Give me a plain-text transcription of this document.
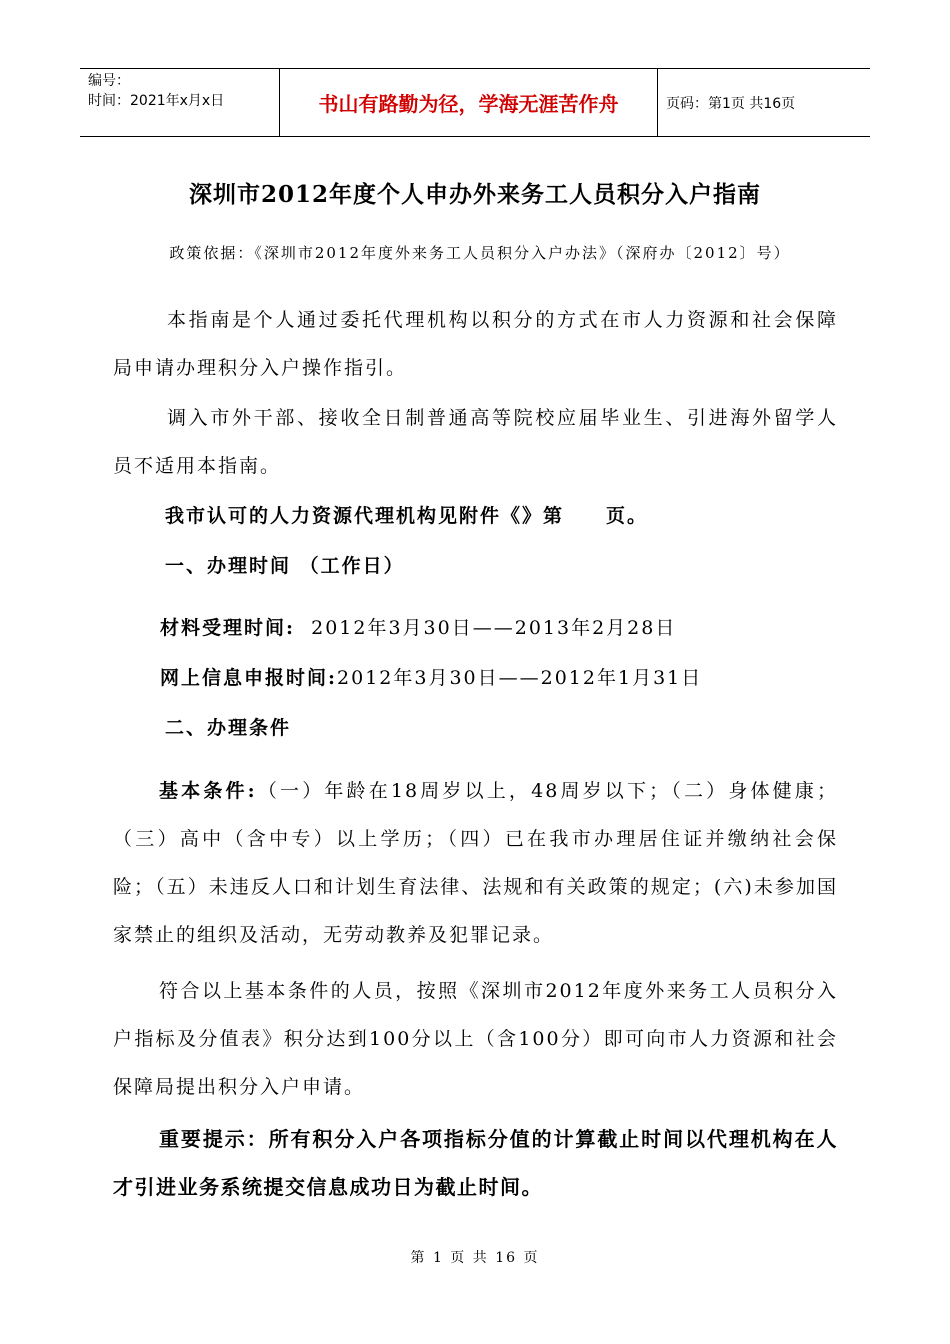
编号：
时间：2021年x月x日	书山有路勤为径，学海无涯苦作舟	页码：第1页 共16页
深圳市2012年度个人申办外来务工人员积分入户指南
政策依据：《深圳市2012年度外来务工人员积分入户办法》（深府办〔2012〕号）
本指南是个人通过委托代理机构以积分的方式在市人力资源和社会保障局申请办理积分入户操作指引。
调入市外干部、接收全日制普通高等院校应届毕业生、引进海外留学人员不适用本指南。
我市认可的人力资源代理机构见附件《》第　　页。
一、办理时间 （工作日）
材料受理时间: 2012年3月30日——2013年2月28日
网上信息申报时间:2012年3月30日——2012年1月31日
二、办理条件
基本条件:（一）年龄在18周岁以上，48周岁以下；（二）身体健康；（三）高中（含中专）以上学历；（四）已在我市办理居住证并缴纳社会保险；（五）未违反人口和计划生育法律、法规和有关政策的规定；(六)未参加国家禁止的组织及活动，无劳动教养及犯罪记录。
符合以上基本条件的人员，按照《深圳市2012年度外来务工人员积分入户指标及分值表》积分达到100分以上（含100分）即可向市人力资源和社会保障局提出积分入户申请。
重要提示：所有积分入户各项指标分值的计算截止时间以代理机构在人才引进业务系统提交信息成功日为截止时间。
第 1 页 共 16 页
